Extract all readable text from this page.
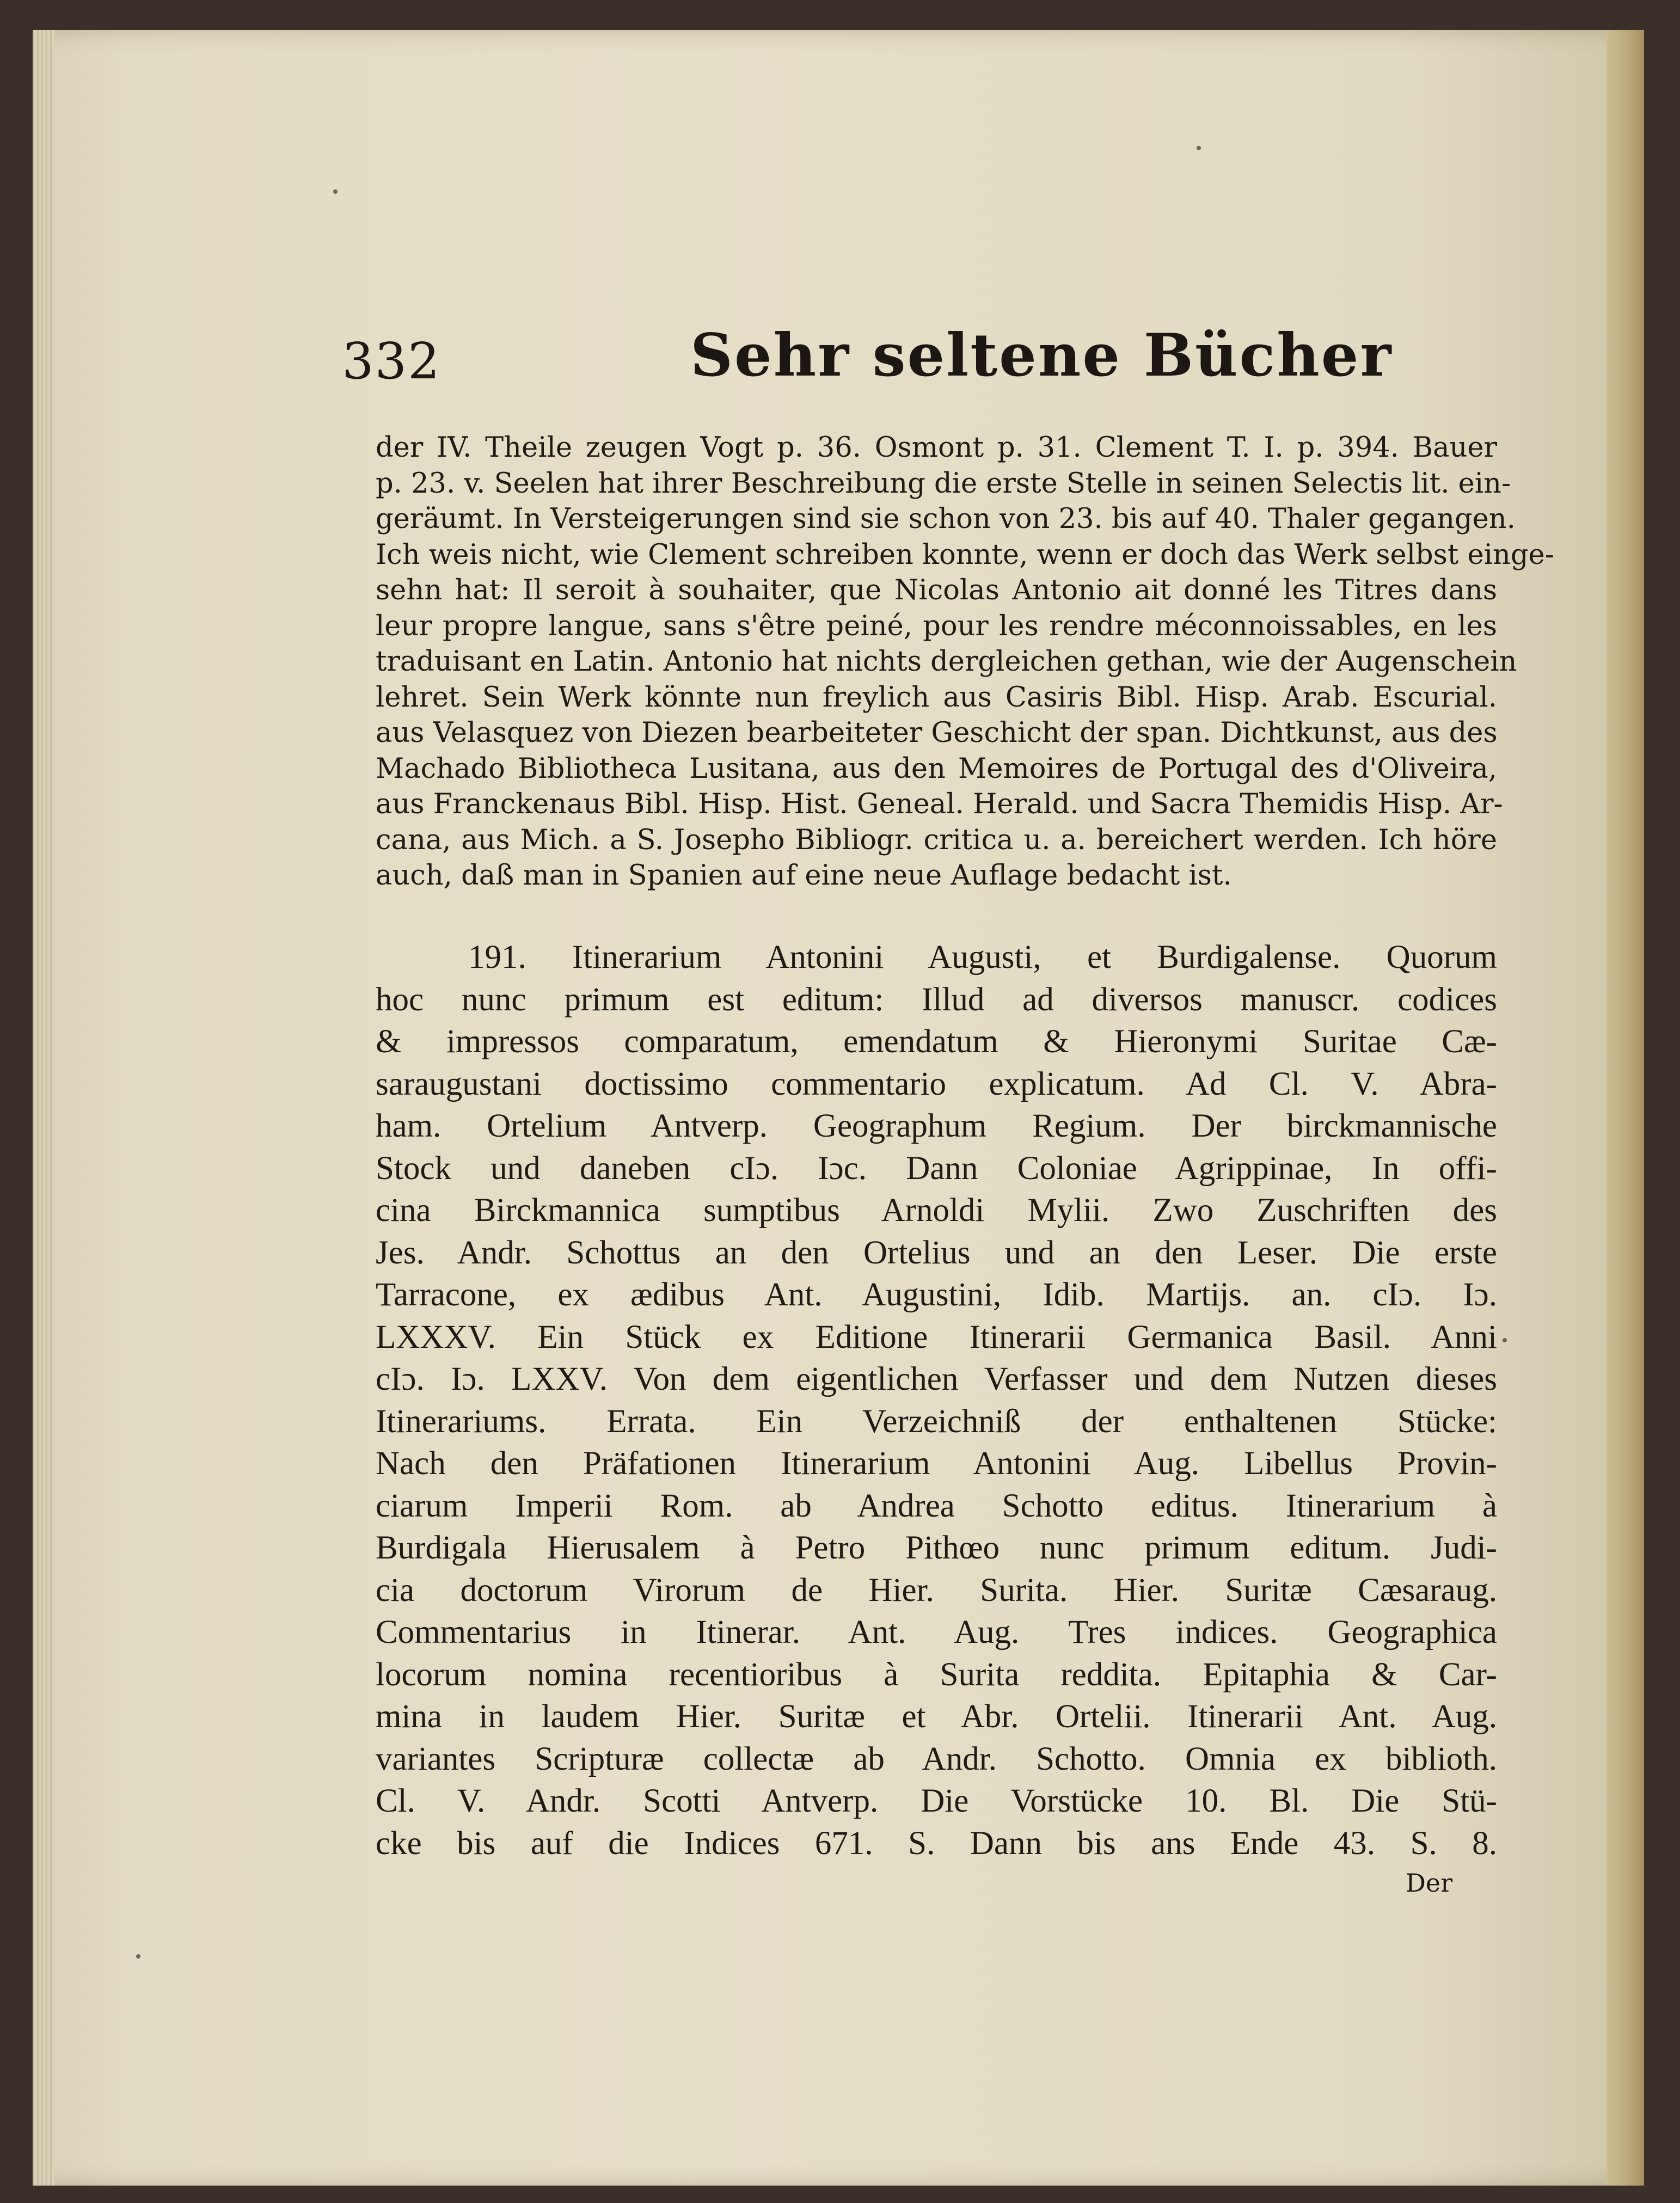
332	Sehr seltene Bücher
der IV. Theile zeugen Vogt p. 36. Osmont p. 31. Clement T. I. p. 394. Bauer
p. 23. v. Seelen hat ihrer Beschreibung die erste Stelle in seinen Selectis lit. ein-
geräumt. In Versteigerungen sind sie schon von 23. bis auf 40. Thaler gegangen.
Ich weis nicht, wie Clement schreiben konnte, wenn er doch das Werk selbst einge-
sehn hat: Il seroit à souhaiter, que Nicolas Antonio ait donné les Titres dans
leur propre langue, sans s'être peiné, pour les rendre méconnoissables, en les
traduisant en Latin. Antonio hat nichts dergleichen gethan, wie der Augenschein
lehret. Sein Werk könnte nun freylich aus Casiris Bibl. Hisp. Arab. Escurial.
aus Velasquez von Diezen bearbeiteter Geschicht der span. Dichtkunst, aus des
Machado Bibliotheca Lusitana, aus den Memoires de Portugal des d'Oliveira,
aus Franckenaus Bibl. Hisp. Hist. Geneal. Herald. und Sacra Themidis Hisp. Ar-
cana, aus Mich. a S. Josepho Bibliogr. critica u. a. bereichert werden. Ich höre
auch, daß man in Spanien auf eine neue Auflage bedacht ist.
191. Itinerarium Antonini Augusti, et Burdigalense. Quorum
hoc nunc primum est editum: Illud ad diversos manuscr. codices
& impressos comparatum, emendatum & Hieronymi Suritae Cæ-
saraugustani doctissimo commentario explicatum. Ad Cl. V. Abra-
ham. Ortelium Antverp. Geographum Regium. Der birckmannische
Stock und daneben cIɔ. Iɔc. Dann Coloniae Agrippinae, In offi-
cina Birckmannica sumptibus Arnoldi Mylii. Zwo Zuschriften des
Jes. Andr. Schottus an den Ortelius und an den Leser. Die erste
Tarracone, ex ædibus Ant. Augustini, Idib. Martijs. an. cIɔ. Iɔ.
LXXXV. Ein Stück ex Editione Itinerarii Germanica Basil. Anni
cIɔ. Iɔ. LXXV. Von dem eigentlichen Verfasser und dem Nutzen dieses
Itinerariums. Errata. Ein Verzeichniß der enthaltenen Stücke:
Nach den Präfationen Itinerarium Antonini Aug. Libellus Provin-
ciarum Imperii Rom. ab Andrea Schotto editus. Itinerarium à
Burdigala Hierusalem à Petro Pithœo nunc primum editum. Judi-
cia doctorum Virorum de Hier. Surita. Hier. Suritæ Cæsaraug.
Commentarius in Itinerar. Ant. Aug. Tres indices. Geographica
locorum nomina recentioribus à Surita reddita. Epitaphia & Car-
mina in laudem Hier. Suritæ et Abr. Ortelii. Itinerarii Ant. Aug.
variantes Scripturæ collectæ ab Andr. Schotto. Omnia ex biblioth.
Cl. V. Andr. Scotti Antverp. Die Vorstücke 10. Bl. Die Stü-
cke bis auf die Indices 671. S. Dann bis ans Ende 43. S. 8.
Der
